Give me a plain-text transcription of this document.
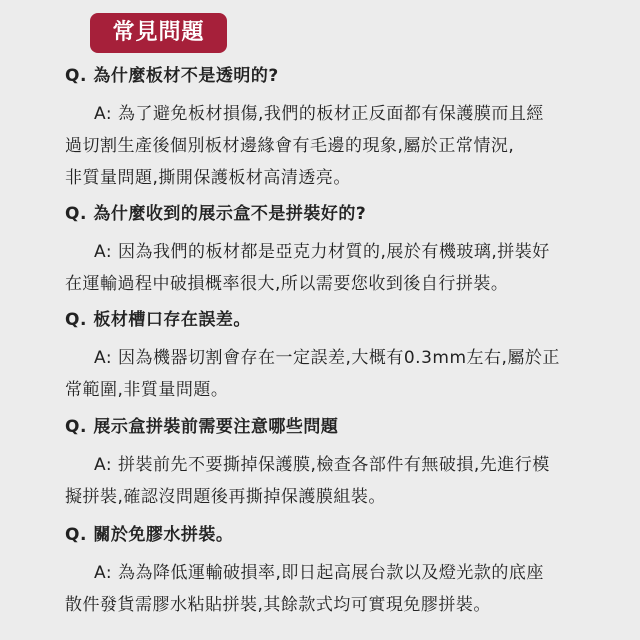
常見問題
Q. 為什麼板材不是透明的?
A: 為了避免板材損傷,我們的板材正反面都有保護膜而且經
過切割生產後個別板材邊緣會有毛邊的現象,屬於正常情況,
非質量問題,撕開保護板材高清透亮。
Q. 為什麼收到的展示盒不是拼裝好的?
A: 因為我們的板材都是亞克力材質的,展於有機玻璃,拼裝好
在運輸過程中破損概率很大,所以需要您收到後自行拼裝。
Q. 板材槽口存在誤差。
A: 因為機器切割會存在一定誤差,大概有0.3mm左右,屬於正
常範圍,非質量問題。
Q. 展示盒拼裝前需要注意哪些問題
A: 拼裝前先不要撕掉保護膜,檢查各部件有無破損,先進行模
擬拼裝,確認沒問題後再撕掉保護膜組裝。
Q. 關於免膠水拼裝。
A: 為為降低運輸破損率,即日起高展台款以及燈光款的底座
散件發貨需膠水粘貼拼裝,其餘款式均可實現免膠拼裝。
